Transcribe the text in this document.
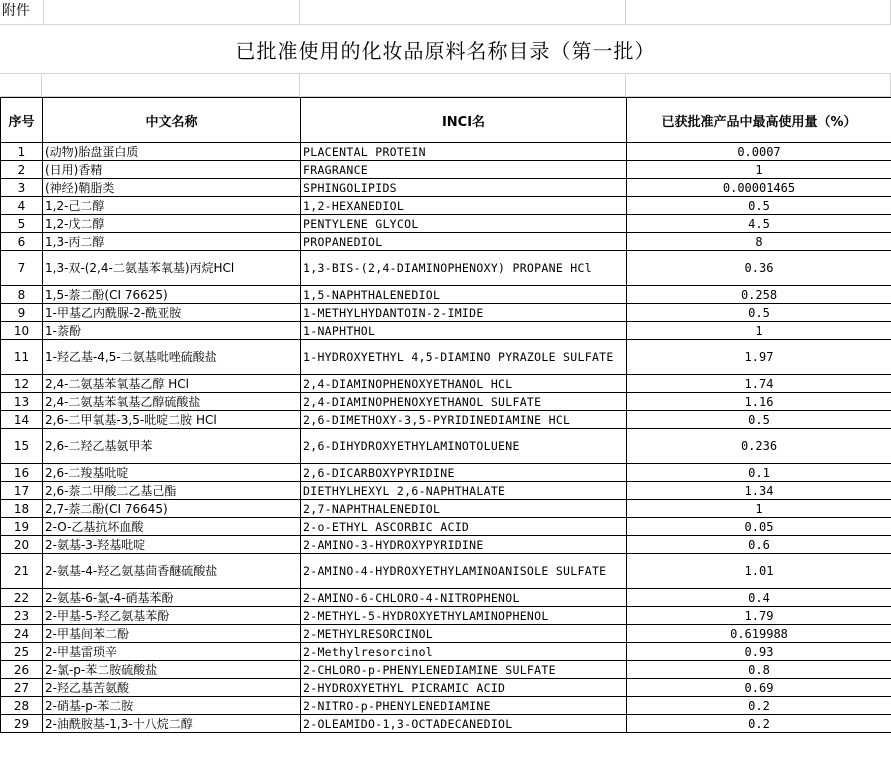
附件
已批准使用的化妆品原料名称目录（第一批）
序号	中文名称	INCI名	已获批准产品中最高使用量（%）
1	(动物)胎盘蛋白质	PLACENTAL PROTEIN	0.0007
2	(日用)香精	FRAGRANCE	1
3	(神经)鞘脂类	SPHINGOLIPIDS	0.00001465
4	1,2-己二醇	1,2-HEXANEDIOL	0.5
5	1,2-戊二醇	PENTYLENE GLYCOL	4.5
6	1,3-丙二醇	PROPANEDIOL	8
7	1,3-双-(2,4-二氨基苯氧基)丙烷HCl	1,3-BIS-(2,4-DIAMINOPHENOXY) PROPANE HCl	0.36
8	1,5-萘二酚(CI 76625)	1,5-NAPHTHALENEDIOL	0.258
9	1-甲基乙内酰脲-2-酰亚胺	1-METHYLHYDANTOIN-2-IMIDE	0.5
10	1-萘酚	1-NAPHTHOL	1
11	1-羟乙基-4,5-二氨基吡唑硫酸盐	1-HYDROXYETHYL 4,5-DIAMINO PYRAZOLE SULFATE	1.97
12	2,4-二氨基苯氧基乙醇 HCl	2,4-DIAMINOPHENOXYETHANOL HCL	1.74
13	2,4-二氨基苯氧基乙醇硫酸盐	2,4-DIAMINOPHENOXYETHANOL SULFATE	1.16
14	2,6-二甲氧基-3,5-吡啶二胺 HCl	2,6-DIMETHOXY-3,5-PYRIDINEDIAMINE HCL	0.5
15	2,6-二羟乙基氨甲苯	2,6-DIHYDROXYETHYLAMINOTOLUENE	0.236
16	2,6-二羧基吡啶	2,6-DICARBOXYPYRIDINE	0.1
17	2,6-萘二甲酸二乙基己酯	DIETHYLHEXYL 2,6-NAPHTHALATE	1.34
18	2,7-萘二酚(CI 76645)	2,7-NAPHTHALENEDIOL	1
19	2-O-乙基抗坏血酸	2-o-ETHYL ASCORBIC ACID	0.05
20	2-氨基-3-羟基吡啶	2-AMINO-3-HYDROXYPYRIDINE	0.6
21	2-氨基-4-羟乙氨基茴香醚硫酸盐	2-AMINO-4-HYDROXYETHYLAMINOANISOLE SULFATE	1.01
22	2-氨基-6-氯-4-硝基苯酚	2-AMINO-6-CHLORO-4-NITROPHENOL	0.4
23	2-甲基-5-羟乙氨基苯酚	2-METHYL-5-HYDROXYETHYLAMINOPHENOL	1.79
24	2-甲基间苯二酚	2-METHYLRESORCINOL	0.619988
25	2-甲基雷琐辛	2-Methylresorcinol	0.93
26	2-氯-p-苯二胺硫酸盐	2-CHLORO-p-PHENYLENEDIAMINE SULFATE	0.8
27	2-羟乙基苦氨酸	2-HYDROXYETHYL PICRAMIC ACID	0.69
28	2-硝基-p-苯二胺	2-NITRO-p-PHENYLENEDIAMINE	0.2
29	2-油酰胺基-1,3-十八烷二醇	2-OLEAMIDO-1,3-OCTADECANEDIOL	0.2
